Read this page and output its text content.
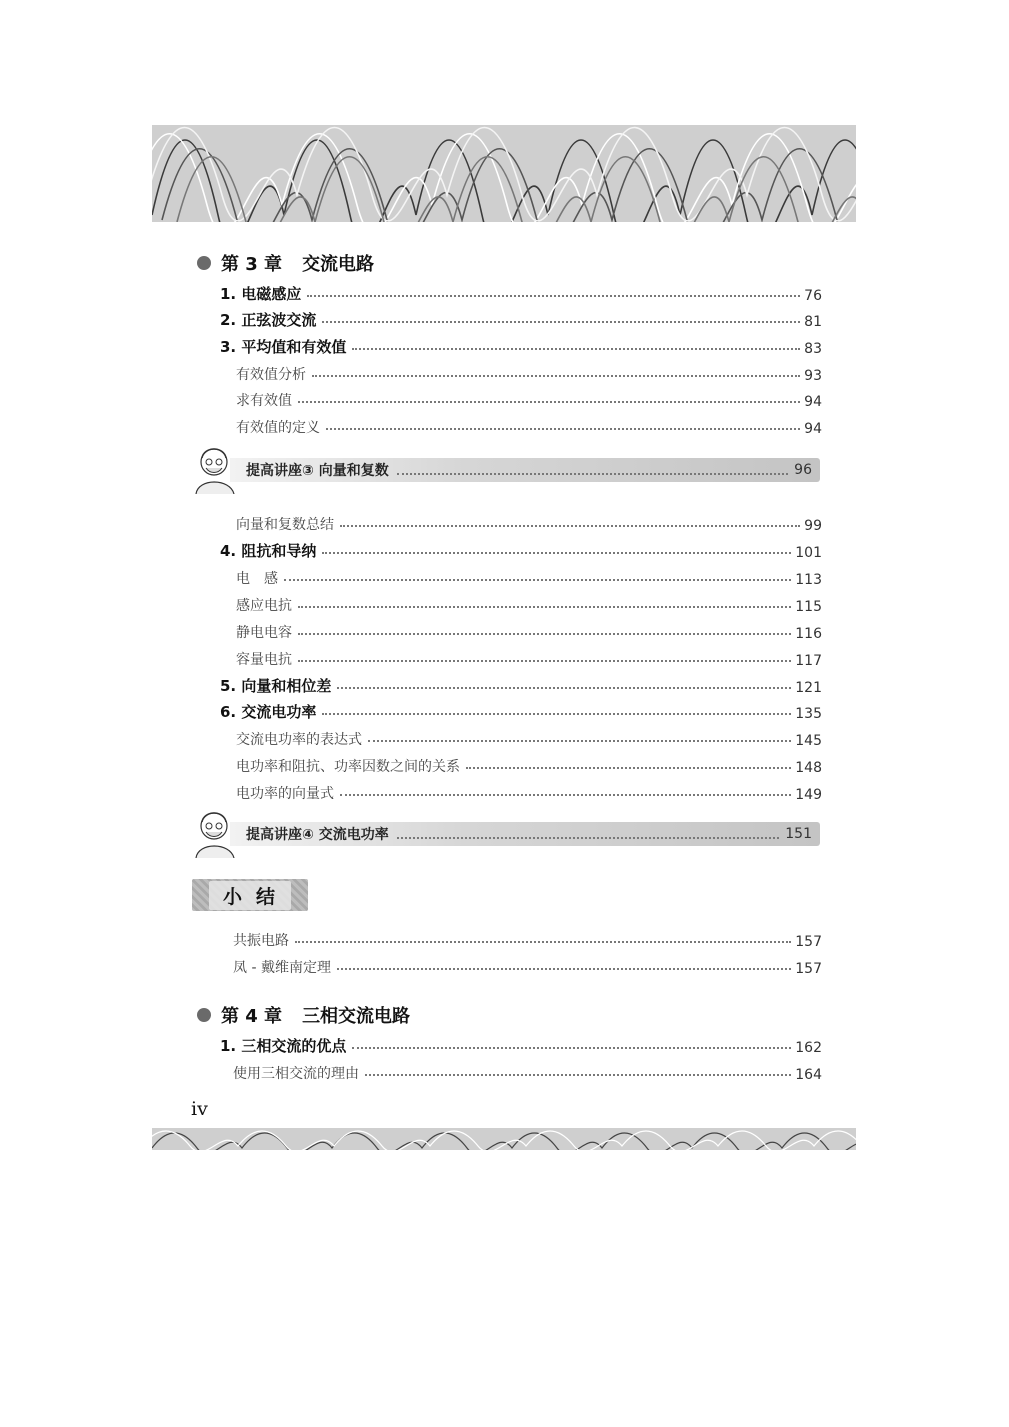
第 3 章 交流电路
1. 电磁感应	76
2. 正弦波交流	81
3. 平均值和有效值	83
有效值分析	93
求有效值	94
有效值的定义	94
提高讲座③ 向量和复数	96
向量和复数总结	99
4. 阻抗和导纳	101
电　感	113
感应电抗	115
静电电容	116
容量电抗	117
5. 向量和相位差	121
6. 交流电功率	135
交流电功率的表达式	145
电功率和阻抗、功率因数之间的关系	148
电功率的向量式	149
提高讲座④ 交流电功率	151
小结
共振电路	157
凤 - 戴维南定理	157
第 4 章 三相交流电路
1. 三相交流的优点	162
使用三相交流的理由	164
iv
